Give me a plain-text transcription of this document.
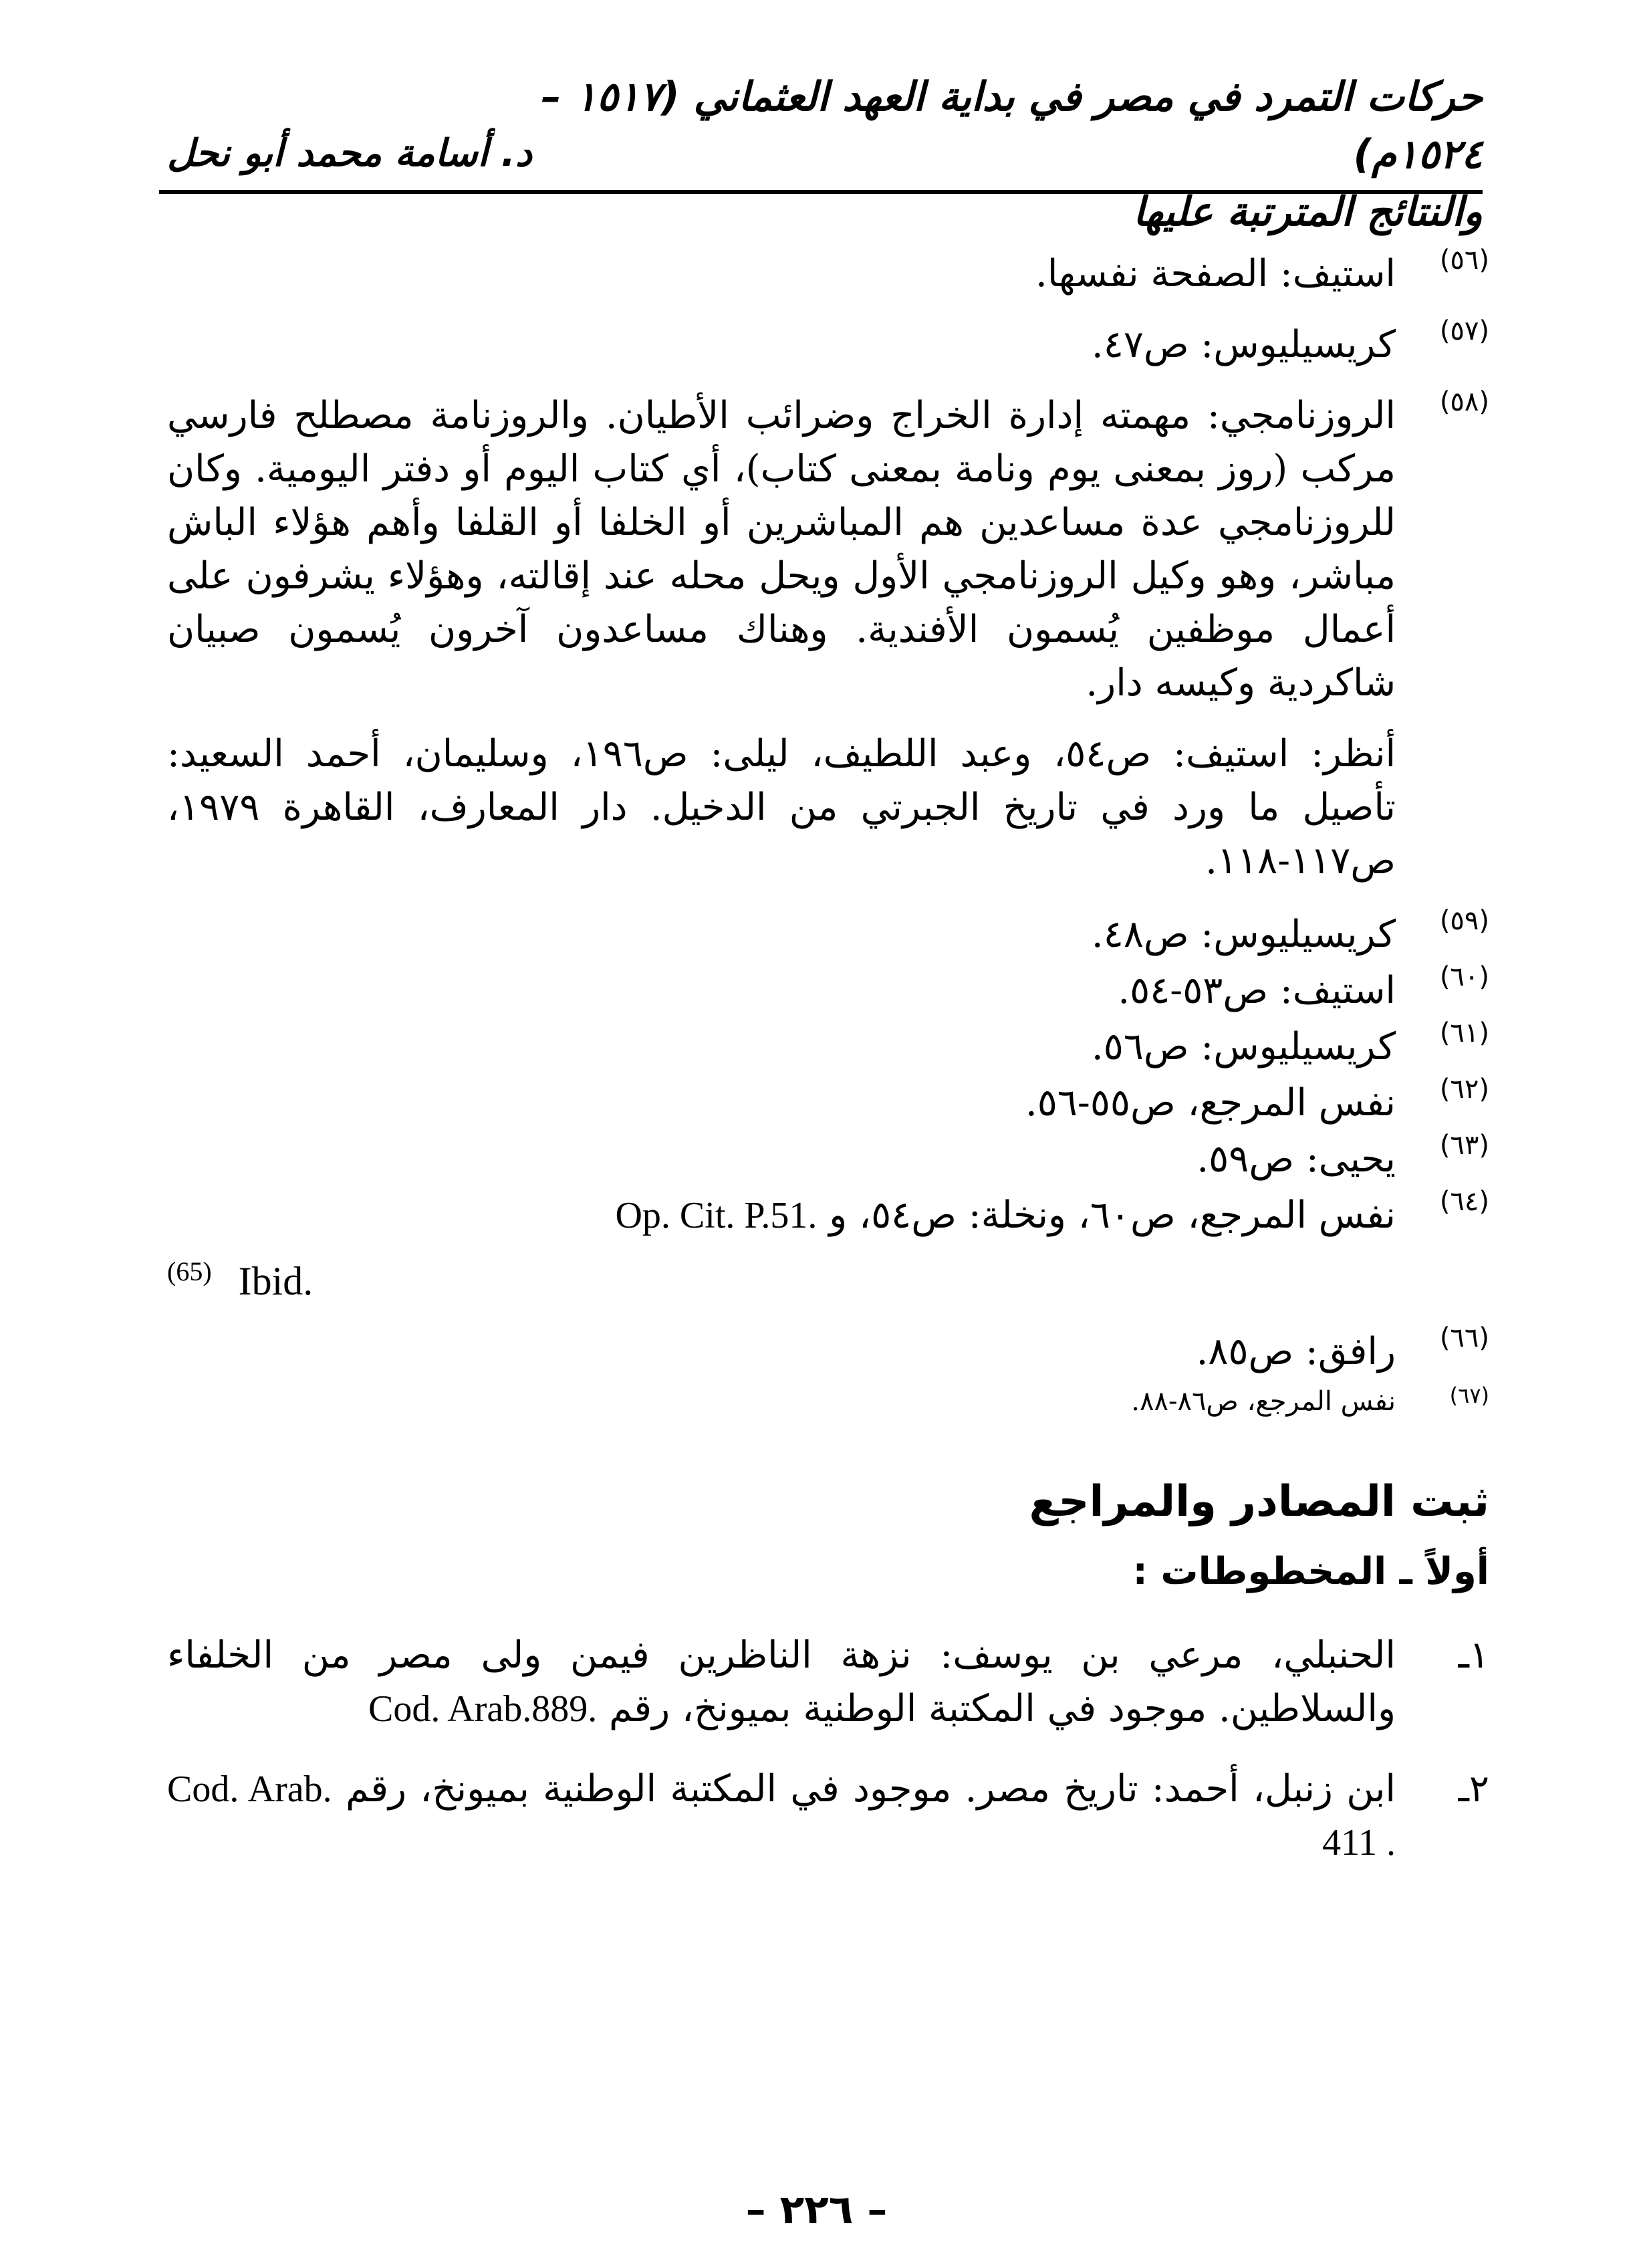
حركات التمرد في مصر في بداية العهد العثماني (١٥١٧ – ١٥٢٤م)
والنتائج المترتبة عليها
د. أسامة محمد أبو نحل
(٥٦)
استيف: الصفحة نفسها.
(٥٧)
كريسيليوس: ص٤٧.
(٥٨)
الروزنامجي: مهمته إدارة الخراج وضرائب الأطيان. والروزنامة مصطلح فارسي مركب (روز بمعنى يوم ونامة بمعنى كتاب)، أي كتاب اليوم أو دفتر اليومية. وكان للروزنامجي عدة مساعدين هم المباشرين أو الخلفا أو القلفا وأهم هؤلاء الباش مباشر، وهو وكيل الروزنامجي الأول ويحل محله عند إقالته، وهؤلاء يشرفون على أعمال موظفين يُسمون الأفندية. وهناك مساعدون آخرون يُسمون صبيان شاكردية وكيسه دار.
أنظر: استيف: ص٥٤، وعبد اللطيف، ليلى: ص١٩٦، وسليمان، أحمد السعيد: تأصيل ما ورد في تاريخ الجبرتي من الدخيل. دار المعارف، القاهرة ١٩٧٩، ص١١٧-١١٨.
(٥٩)
كريسيليوس: ص٤٨.
(٦٠)
استيف: ص٥٣-٥٤.
(٦١)
كريسيليوس: ص٥٦.
(٦٢)
نفس المرجع، ص٥٥-٥٦.
(٦٣)
يحيى: ص٥٩.
(٦٤)
نفس المرجع، ص٦٠، ونخلة: ص٥٤، و Op. Cit. P.51.
$^{(65)}$ Ibid.
(٦٦)
رافق: ص٨٥.
(٦٧)
نفس المرجع، ص٨٦-٨٨.
ثبت المصادر والمراجع
أولاً ـ المخطوطات :
١ـ
الحنبلي، مرعي بن يوسف: نزهة الناظرين فيمن ولى مصر من الخلفاء والسلاطين. موجود في المكتبة الوطنية بميونخ، رقم Cod. Arab.889.
٢ـ
ابن زنبل، أحمد: تاريخ مصر. موجود في المكتبة الوطنية بميونخ، رقم Cod. Arab. 411 .
– ٢٢٦ –
